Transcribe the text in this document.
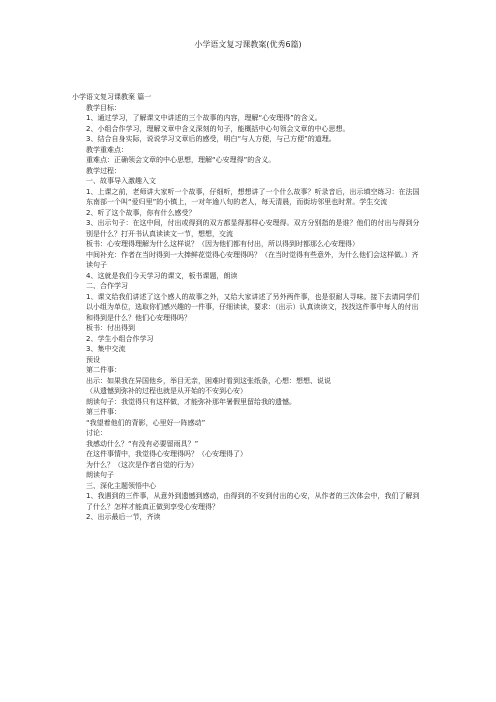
小学语文复习课教案(优秀6篇)
小学语文复习课教案 篇一
教学目标：
1、通过学习，了解课文中讲述的三个故事的内容，理解“心安理得”的含义。
2、小组合作学习，理解文章中含义深刻的句子，能概括中心句领会文章的中心思想。
3、结合自身实际，说说学习文章后的感受，明白“与人方便，与己方便”的道理。
教学重难点：
重难点：正确领会文章的中心思想，理解“心安理得”的含义。
教学过程：
一、故事导入激趣入文
1、上课之前，老师讲大家听一个故事，仔细听，想想讲了一个什么故事？听录音后，出示填空练习：在法国东南部一个叫“爱归里”的小镇上，一对年逾八旬的老人，每天清晨，而街坊邻里也时常。学生交流
2、听了这个故事，你有什么感受？
3、出示句子：在这中间，付出或得到的双方都显得那样心安理得。双方分别指的是谁？他们的付出与得到分别是什么？打开书认真读读文一节，想想，交流
板书：心安理得理解为什么这样说？（因为他们都有付出，所以得到时都那么心安理得）
中间补充：作者在当时得到一大捧鲜花觉得心安理得吗？（在当时觉得有些意外，为什么他们会这样做。）齐读句子
4、这就是我们今天学习的课文，板书课题，朗读
二、合作学习
1、课文给我们讲述了这个感人的故事之外，又给大家讲述了另外两件事，也是很耐人寻味。接下去请同学们以小组为单位，选取你们感兴趣的一件事，仔细读读，要求：（出示）认真读读文，找找这件事中每人的付出和得到是什么？他们心安理得吗？
板书：付出得到
2、学生小组合作学习
3、集中交流
预设
第二件事：
出示：如果我在异国他乡，举目无亲，困难时看到这张纸条，心想：想想、说说
（从遗憾到弥补的过程也就是从开始的不安到心安）
朗读句子：我觉得只有这样做，才能弥补那年暑假里留给我的遗憾。
第三件事：
“我望着他们的背影，心里好一阵感动”
讨论：
我感动什么？“有没有必要留雨具？”
在这件事情中，我觉得心安理得吗？（心安理得了）
为什么？（这次是作者自觉的行为）
朗读句子
三、深化主题领悟中心
1、我遇到的三件事，从意外到遗憾到感动，由得到的不安到付出的心安，从作者的三次体会中，我们了解到了什么？怎样才能真正做到享受心安理得？
2、出示最后一节，齐读
